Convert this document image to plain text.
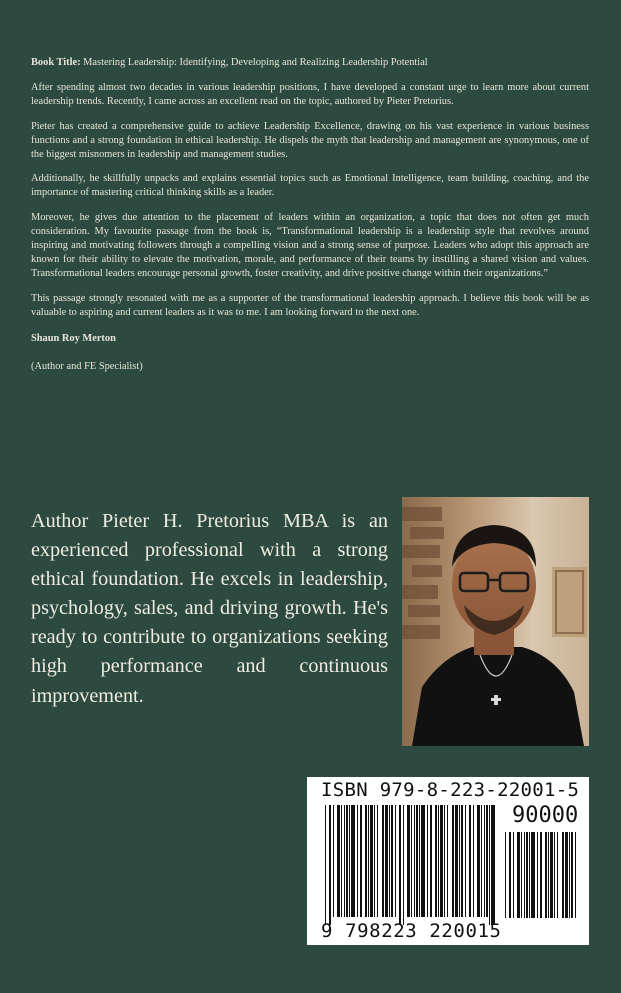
Book Title: Mastering Leadership: Identifying, Developing and Realizing Leadership Potential

After spending almost two decades in various leadership positions, I have developed a constant urge to learn more about current leadership trends. Recently, I came across an excellent read on the topic, authored by Pieter Pretorius.

Pieter has created a comprehensive guide to achieve Leadership Excellence, drawing on his vast experience in various business functions and a strong foundation in ethical leadership. He dispels the myth that leadership and management are synonymous, one of the biggest misnomers in leadership and management studies.

Additionally, he skillfully unpacks and explains essential topics such as Emotional Intelligence, team building, coaching, and the importance of mastering critical thinking skills as a leader.

Moreover, he gives due attention to the placement of leaders within an organization, a topic that does not often get much consideration. My favourite passage from the book is, “Transformational leadership is a leadership style that revolves around inspiring and motivating followers through a compelling vision and a strong sense of purpose. Leaders who adopt this approach are known for their ability to elevate the motivation, morale, and performance of their teams by instilling a shared vision and values. Transformational leaders encourage personal growth, foster creativity, and drive positive change within their organizations.”

This passage strongly resonated with me as a supporter of the transformational leadership approach. I believe this book will be as valuable to aspiring and current leaders as it was to me. I am looking forward to the next one.

Shaun Roy Merton

(Author and FE Specialist)

Author Pieter H. Pretorius MBA is an experienced professional with a strong ethical foundation. He excels in leadership, psychology, sales, and driving growth. He's ready to contribute to organizations seeking high performance and continuous improvement.
ISBN 979-8-223-22001-5
90000
9 798223 220015
